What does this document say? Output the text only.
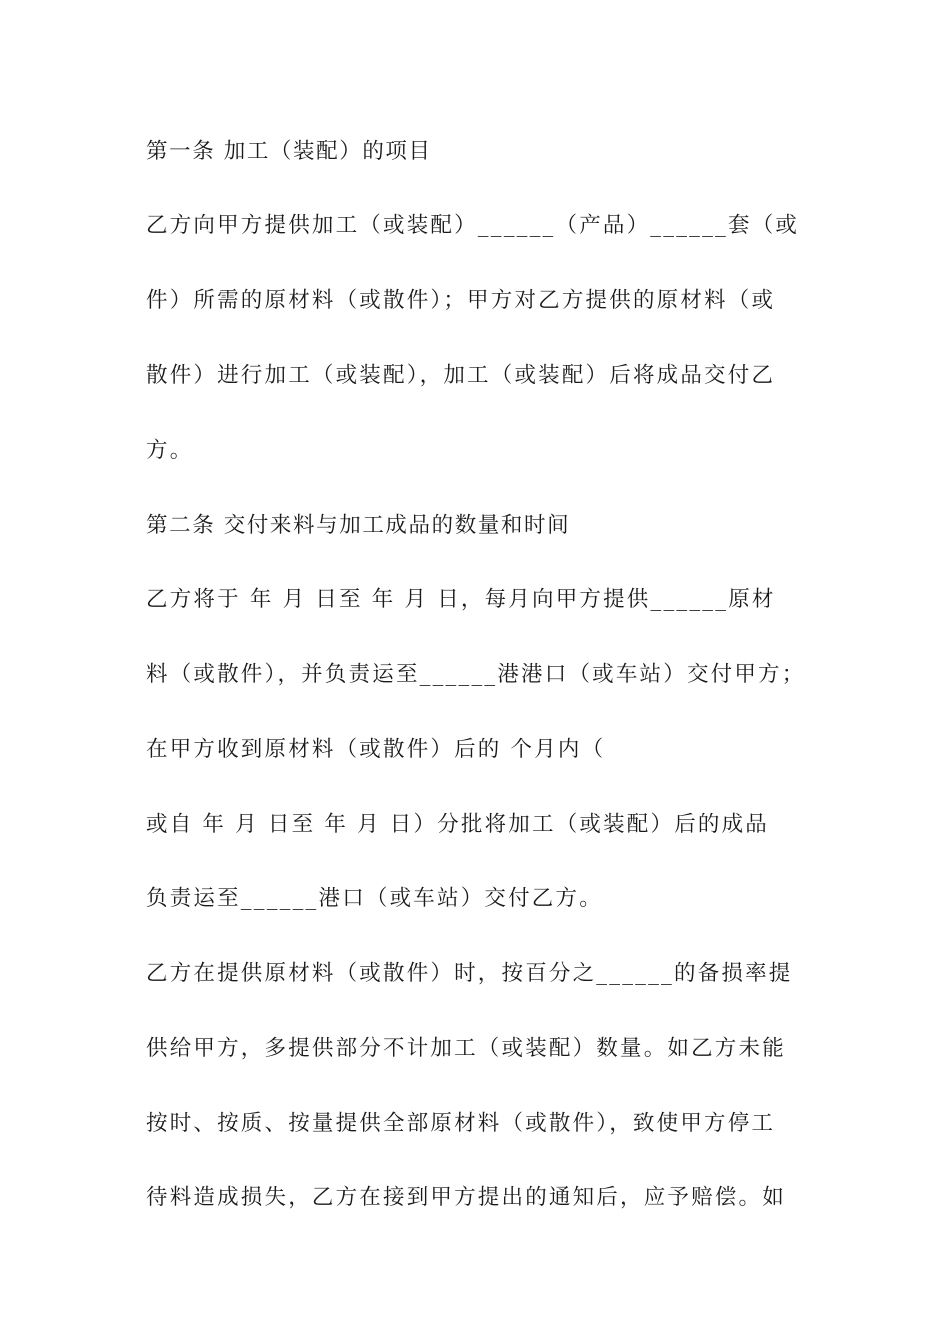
第一条 加工（装配）的项目

乙方向甲方提供加工（或装配）______（产品）______套（或

件）所需的原材料（或散件）；甲方对乙方提供的原材料（或

散件）进行加工（或装配），加工（或装配）后将成品交付乙

方。

第二条 交付来料与加工成品的数量和时间

乙方将于 年 月 日至 年 月 日，每月向甲方提供______原材

料（或散件），并负责运至______港港口（或车站）交付甲方；

在甲方收到原材料（或散件）后的 个月内（

或自 年 月 日至 年 月 日）分批将加工（或装配）后的成品

负责运至______港口（或车站）交付乙方。

乙方在提供原材料（或散件）时，按百分之______的备损率提

供给甲方，多提供部分不计加工（或装配）数量。如乙方未能

按时、按质、按量提供全部原材料（或散件），致使甲方停工

待料造成损失，乙方在接到甲方提出的通知后，应予赔偿。如
